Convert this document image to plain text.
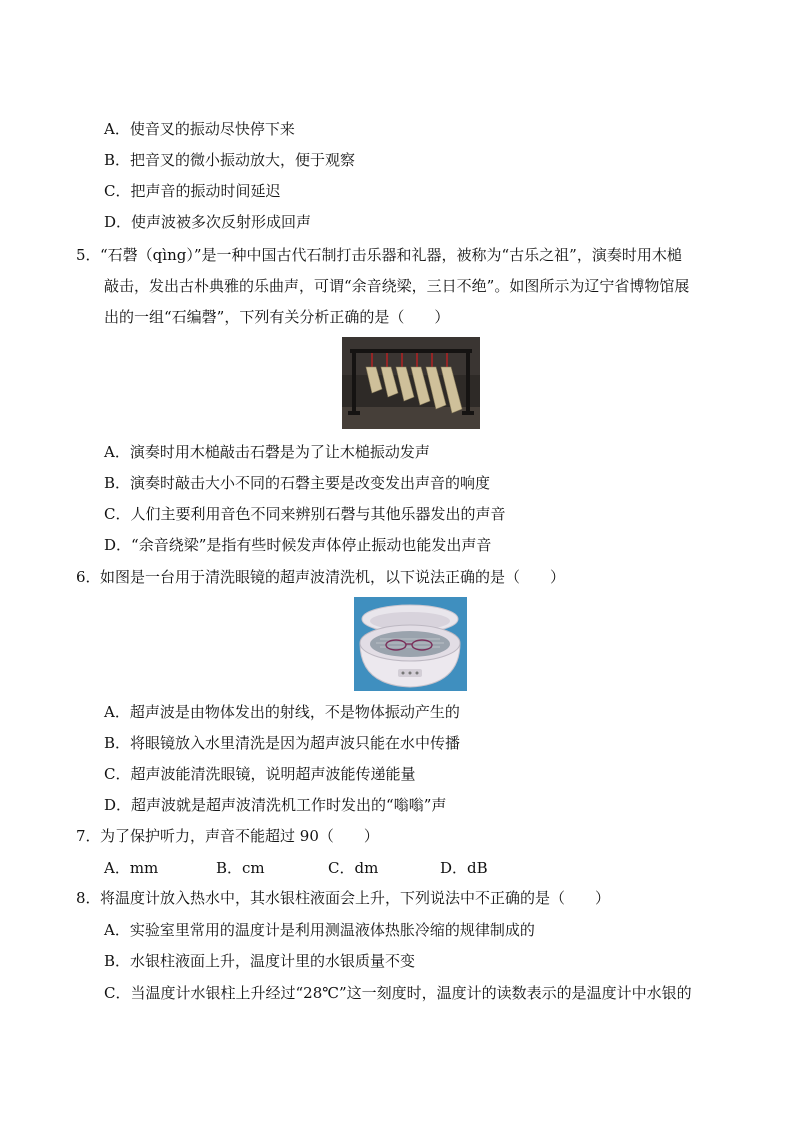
A．使音叉的振动尽快停下来
B．把音叉的微小振动放大，便于观察
C．把声音的振动时间延迟
D．使声波被多次反射形成回声
5． “石磬（qìng）”是一种中国古代石制打击乐器和礼器，被称为“古乐之祖”，演奏时用木槌
敲击，发出古朴典雅的乐曲声，可谓“余音绕梁，三日不绝”。如图所示为辽宁省博物馆展
出的一组“石编磬”，下列有关分析正确的是（　　）
A．演奏时用木槌敲击石磬是为了让木槌振动发声
B．演奏时敲击大小不同的石磬主要是改变发出声音的响度
C．人们主要利用音色不同来辨别石磬与其他乐器发出的声音
D．“余音绕梁”是指有些时候发声体停止振动也能发出声音
6． 如图是一台用于清洗眼镜的超声波清洗机，以下说法正确的是（　　）
A．超声波是由物体发出的射线，不是物体振动产生的
B．将眼镜放入水里清洗是因为超声波只能在水中传播
C．超声波能清洗眼镜，说明超声波能传递能量
D．超声波就是超声波清洗机工作时发出的“嗡嗡”声
7． 为了保护听力，声音不能超过 90（　　）
A．mm	B．cm	C．dm	D．dB
8． 将温度计放入热水中，其水银柱液面会上升，下列说法中不正确的是（　　）
A．实验室里常用的温度计是利用测温液体热胀冷缩的规律制成的
B．水银柱液面上升，温度计里的水银质量不变
C．当温度计水银柱上升经过“28℃”这一刻度时，温度计的读数表示的是温度计中水银的
